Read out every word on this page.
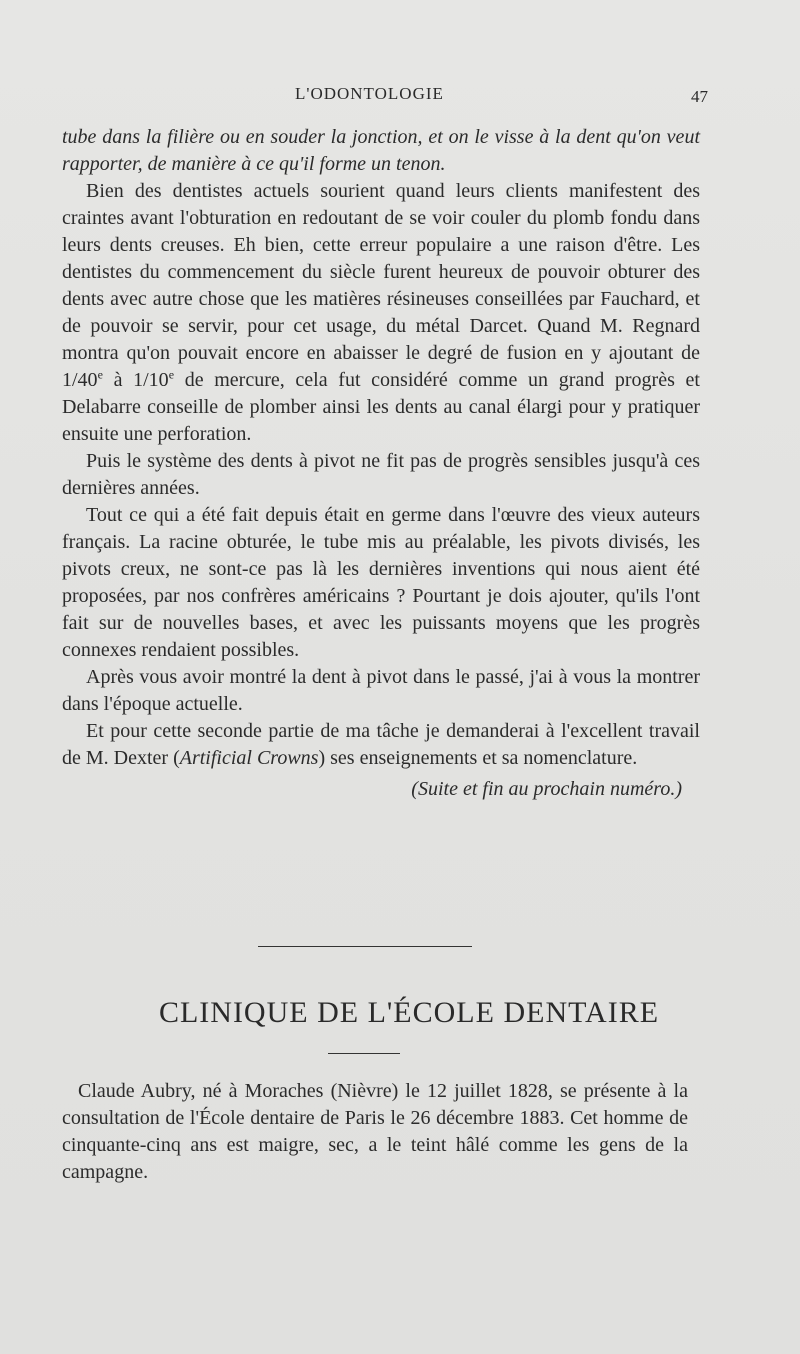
L'ODONTOLOGIE	47

tube dans la filière ou en souder la jonction, et on le visse à la dent qu'on veut rapporter, de manière à ce qu'il forme un tenon.

Bien des dentistes actuels sourient quand leurs clients manifestent des craintes avant l'obturation en redoutant de se voir couler du plomb fondu dans leurs dents creuses. Eh bien, cette erreur populaire a une raison d'être. Les dentistes du commencement du siècle furent heureux de pouvoir obturer des dents avec autre chose que les matières résineuses conseillées par Fauchard, et de pouvoir se servir, pour cet usage, du métal Darcet. Quand M. Regnard montra qu'on pouvait encore en abaisser le degré de fusion en y ajoutant de 1/40e à 1/10e de mercure, cela fut considéré comme un grand progrès et Delabarre conseille de plomber ainsi les dents au canal élargi pour y pratiquer ensuite une perforation.

Puis le système des dents à pivot ne fit pas de progrès sensibles jusqu'à ces dernières années.

Tout ce qui a été fait depuis était en germe dans l'œuvre des vieux auteurs français. La racine obturée, le tube mis au préalable, les pivots divisés, les pivots creux, ne sont-ce pas là les dernières inventions qui nous aient été proposées, par nos confrères américains ? Pourtant je dois ajouter, qu'ils l'ont fait sur de nouvelles bases, et avec les puissants moyens que les progrès connexes rendaient possibles.

Après vous avoir montré la dent à pivot dans le passé, j'ai à vous la montrer dans l'époque actuelle.

Et pour cette seconde partie de ma tâche je demanderai à l'excellent travail de M. Dexter (Artificial Crowns) ses enseignements et sa nomenclature.

(Suite et fin au prochain numéro.)

CLINIQUE DE L'ÉCOLE DENTAIRE

Claude Aubry, né à Moraches (Nièvre) le 12 juillet 1828, se présente à la consultation de l'École dentaire de Paris le 26 décembre 1883. Cet homme de cinquante-cinq ans est maigre, sec, a le teint hâlé comme les gens de la campagne.
